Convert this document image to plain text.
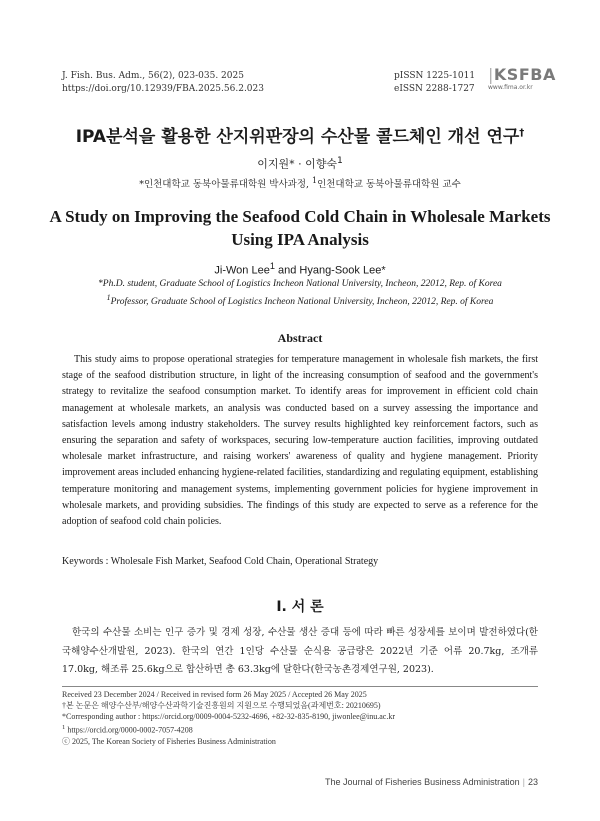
J. Fish. Bus. Adm., 56(2), 023-035. 2025
https://doi.org/10.12939/FBA.2025.56.2.023
pISSN 1225-1011
eISSN 2288-1727
|KSFBA
www.fima.or.kr
IPA분석을 활용한 산지위판장의 수산물 콜드체인 개선 연구†
이지원* · 이향숙$^1$
*인천대학교 동북아물류대학원 박사과정, $^1$인천대학교 동북아물류대학원 교수
A Study on Improving the Seafood Cold Chain in Wholesale Markets Using IPA Analysis
Ji-Won Lee$^1$ and Hyang-Sook Lee*
*Ph.D. student, Graduate School of Logistics Incheon National University, Incheon, 22012, Rep. of Korea
$^1$Professor, Graduate School of Logistics Incheon National University, Incheon, 22012, Rep. of Korea
Abstract
This study aims to propose operational strategies for temperature management in wholesale fish markets, the first stage of the seafood distribution structure, in light of the increasing consumption of seafood and the government's strategy to revitalize the seafood consumption market. To identify areas for improvement in efficient cold chain management at wholesale markets, an analysis was conducted based on a survey assessing the importance and satisfaction levels among industry stakeholders. The survey results highlighted key reinforcement factors, such as ensuring the separation and safety of workspaces, securing low-temperature auction facilities, improving outdated wholesale market infrastructure, and raising workers' awareness of quality and hygiene management. Priority improvement areas included enhancing hygiene-related facilities, standardizing and regulating equipment, establishing temperature monitoring and management systems, implementing government policies for hygiene improvement in wholesale markets, and providing subsidies. The findings of this study are expected to serve as a reference for the adoption of seafood cold chain policies.
Keywords : Wholesale Fish Market, Seafood Cold Chain, Operational Strategy
I. 서 론
한국의 수산물 소비는 인구 증가 및 경제 성장, 수산물 생산 증대 등에 따라 빠른 성장세를 보이며 발전하였다(한국해양수산개발원, 2023). 한국의 연간 1인당 수산물 순식용 공급량은 2022년 기준 어류 20.7kg, 조개류 17.0kg, 해조류 25.6kg으로 합산하면 총 63.3kg에 달한다(한국농촌경제연구원, 2023).
Received 23 December 2024 / Received in revised form 26 May 2025 / Accepted 26 May 2025
†본 논문은 해양수산부/해양수산과학기술진흥원의 지원으로 수행되었음(과제번호: 20210695)
*Corresponding author : https://orcid.org/0009-0004-5232-4696, +82-32-835-8190, jiwonlee@inu.ac.kr
$^1$ https://orcid.org/0000-0002-7057-4208
ⓒ 2025, The Korean Society of Fisheries Business Administration
The Journal of Fisheries Business Administration | 23
